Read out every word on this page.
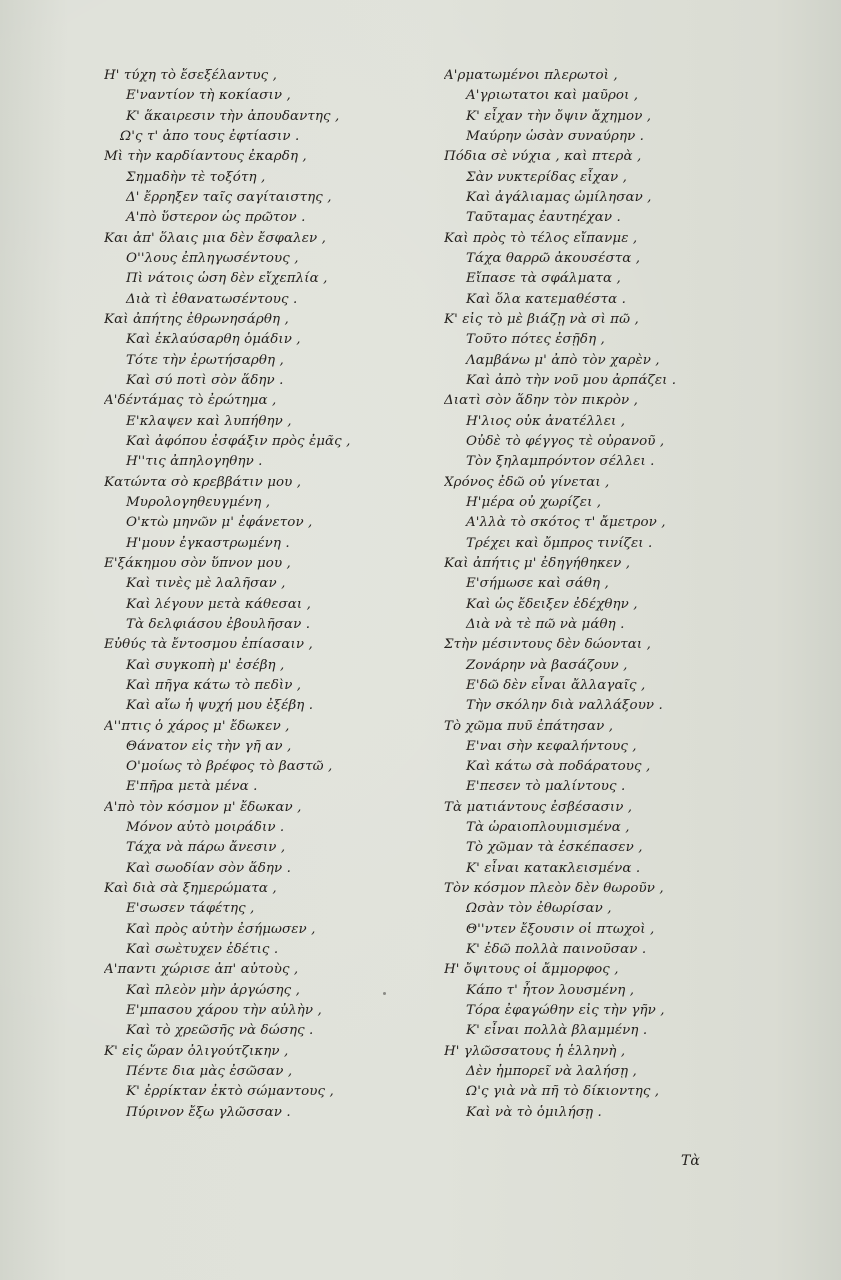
Η' τύχη τὸ ἔσεξέλαντυς ,
Ε'ναντίον τὴ κοκίασιν ,
Κ' ἅκαιρεσιν τὴν ἀπουδαντης ,
Ω'ς τ' ἀπο τους ἐφτίασιν .
Μὶ τὴν καρδίαντους ἐκαρδη ,
Σημαδὴν τὲ τοξότη ,
Δ' ἔρρηξεν ταῖς σαγίταιστης ,
Α'πὸ ὕστερον ὡς πρῶτον .
Και ἀπ' ὅλαις μια δὲν ἔσφαλεν ,
Ο''λους ἐπληγωσέντους ,
Πὶ νάτοις ὡση δὲν εἴχεπλία ,
Διὰ τὶ ἐθανατωσέντους .
Καὶ ἀπήτης ἐθρωνησάρθη ,
Καὶ ἐκλαύσαρθη ὁμάδιν ,
Τότε τὴν ἐρωτήσαρθη ,
Καὶ σύ ποτὶ σὸν ἅδην .
Α'δέντάμας τὸ ἐρώτημα ,
Ε'κλαψεν καὶ λυπήθην ,
Καὶ ἀφόπου ἐσφάξιν πρὸς ἐμᾶς ,
Η''τις ἀπηλογηθην .
Κατώντα σὸ κρεββάτιν μου ,
Μυρολογηθευγμένη ,
Ο'κτὼ μηνῶν μ' ἐφάνετον ,
Η'μουν ἐγκαστρωμένη .
Ε'ξάκημου σὸν ὕπνον μου ,
Καὶ τινὲς μὲ λαλῆσαν ,
Καὶ λέγουν μετὰ κάθεσαι ,
Τὰ δελφιάσου ἐβουλῆσαν .
Εὐθύς τὰ ἔντοσμου ἐπίασαιν ,
Καὶ συγκοπὴ μ' ἐσέβη ,
Καὶ πῆγα κάτω τὸ πεδὶν ,
Καὶ αἴω ἡ ψυχή μου ἐξέβη .
Α''πτις ὁ χάρος μ' ἔδωκεν ,
Θάνατον εἰς τὴν γῆ αν ,
Ο'μοίως τὸ βρέφος τὸ βαστῶ ,
Ε'πῆρα μετὰ μένα .
Α'πὸ τὸν κόσμον μ' ἔδωκαν ,
Μόνον αὐτὸ μοιράδιν .
Τάχα νὰ πάρω ἄνεσιν ,
Καὶ σωοδίαν σὸν ἅδην .
Καὶ διὰ σὰ ξημερώματα ,
Ε'σωσεν τάφέτης ,
Καὶ πρὸς αὐτὴν ἐσήμωσεν ,
Καὶ σωὲτυχεν ἐδέτις .
Α'παντι χώρισε ἀπ' αὐτοὺς ,
Καὶ πλεὸν μὴν ἀργώσης ,
Ε'μπασου χάρου τὴν αὐλὴν ,
Καὶ τὸ χρεῶσῆς νὰ δώσης .
Κ' εἰς ὥραν ὀλιγούτζικην ,
Πέντε δια μὰς ἐσῶσαν ,
Κ' ἐρρίκταν ἐκτὸ σώμαντους ,
Πύρινον ἔξω γλῶσσαν .
Α'ρματωμένοι πλερωτοὶ ,
Α'γριωτατοι καὶ μαῦροι ,
Κ' εἶχαν τὴν ὄψιν ἄχημον ,
Μαύρην ὡσὰν συναύρην .
Πόδια σὲ νύχια , καὶ πτερὰ ,
Σὰν νυκτερίδας εἶχαν ,
Καὶ ἀγάλιαμας ὡμίλησαν ,
Ταῦταμας ἐαυτηέχαν .
Καὶ πρὸς τὸ τέλος εἴπανμε ,
Τάχα θαρρῶ ἀκουσέστα ,
Εἴπασε τὰ σφάλματα ,
Καὶ ὅλα κατεμαθέστα .
Κ' εἰς τὸ μὲ βιάζῃ νὰ σὶ πῶ ,
Τοῦτο πότες ἐσῇδη ,
Λαμβάνω μ' ἀπὸ τὸν χαρὲν ,
Καὶ ἀπὸ τὴν νοῦ μου ἀρπάζει .
Διατὶ σὸν ἅδην τὸν πικρὸν ,
Η'λιος οὐκ ἀνατέλλει ,
Οὐδὲ τὸ φέγγος τὲ οὐρανοῦ ,
Τὸν ξηλαμπρόντον σέλλει .
Χρόνος ἐδῶ οὐ γίνεται ,
Η'μέρα οὐ χωρίζει ,
Α'λλὰ τὸ σκότος τ' ἄμετρον ,
Τρέχει καὶ ὄμπρος τινίζει .
Καὶ ἀπήτις μ' ἐδηγήθηκεν ,
Ε'σήμωσε καὶ σάθη ,
Καὶ ὡς ἔδειξεν ἐδέχθην ,
Διὰ νὰ τὲ πῶ νὰ μάθη .
Στὴν μέσιντους δὲν δώονται ,
Ζονάρην νὰ βασάζουν ,
Ε'δῶ δὲν εἶναι ἄλλαγαῖς ,
Τὴν σκόλην διὰ ναλλάξουν .
Τὸ χῶμα πυῦ ἐπάτησαν ,
Ε'ναι σὴν κεφαλήντους ,
Καὶ κάτω σὰ ποδάρατους ,
Ε'πεσεν τὸ μαλίντους .
Τὰ ματιάντους ἐσβέσασιν ,
Τὰ ὡραιοπλουμισμένα ,
Τὸ χῶμαν τὰ ἐσκέπασεν ,
Κ' εἶναι κατακλεισμένα .
Τὸν κόσμον πλεὸν δὲν θωροῦν ,
Ωσὰν τὸν ἐθωρίσαν ,
Θ''ντεν ἔξουσιν οἱ πτωχοὶ ,
Κ' ἐδῶ πολλὰ παινοῦσαν .
Η' ὄψιτους οἱ ἄμμορφος ,
Κάπο τ' ἦτον λουσμένη ,
Τόρα ἐφαγώθην εἰς τὴν γῆν ,
Κ' εἶναι πολλὰ βλαμμένη .
Η' γλῶσσατους ἡ ἑλληνὴ ,
Δὲν ἠμπορεῖ νὰ λαλήσῃ ,
Ω'ς γιὰ νὰ πῆ τὸ δίκιοντης ,
Καὶ νὰ τὸ ὁμιλήσῃ .
Τὰ
